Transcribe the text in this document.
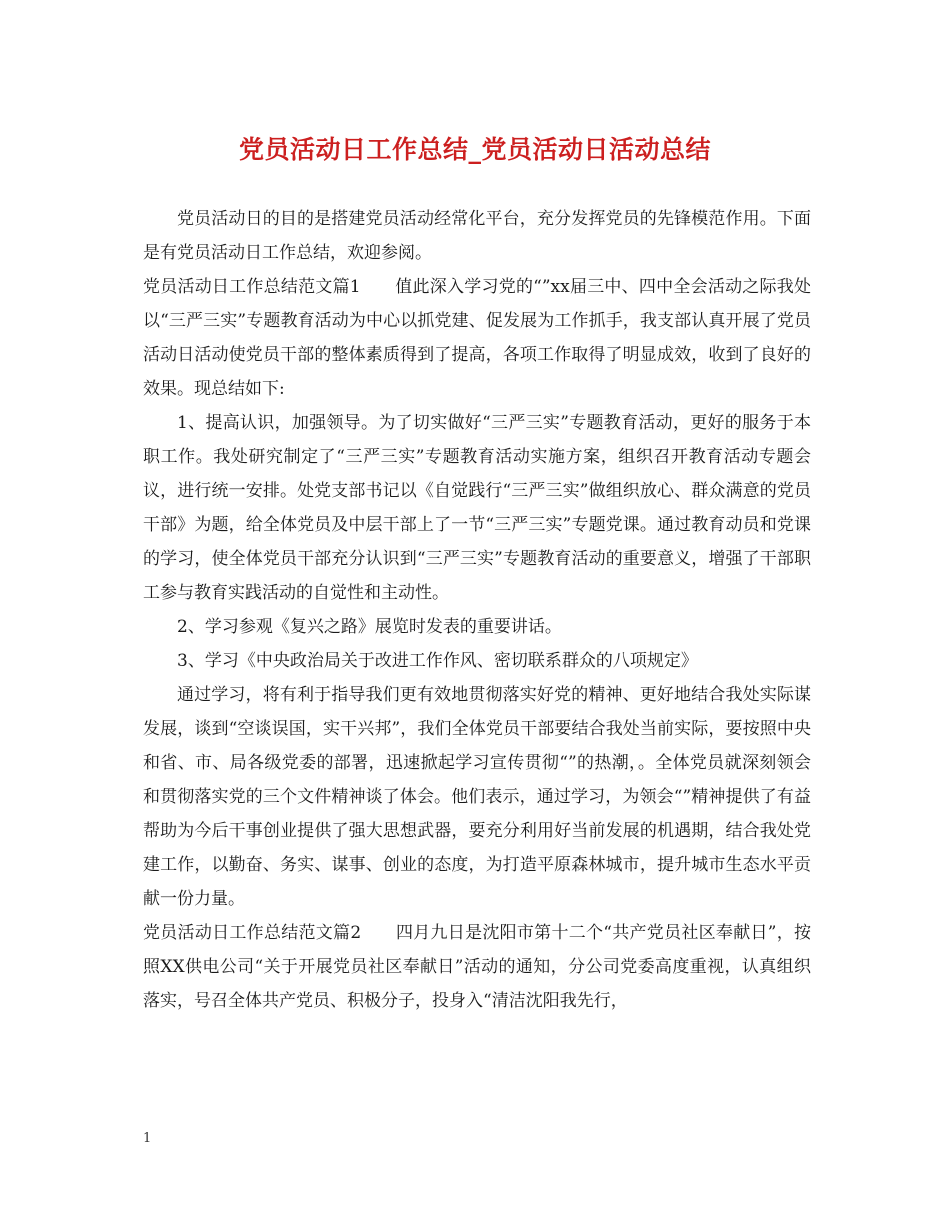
党员活动日工作总结_党员活动日活动总结

党员活动日的目的是搭建党员活动经常化平台，充分发挥党员的先锋模范作用。下面是有党员活动日工作总结，欢迎参阅。

党员活动日工作总结范文篇1　　值此深入学习党的“”xx届三中、四中全会活动之际我处以“三严三实”专题教育活动为中心以抓党建、促发展为工作抓手，我支部认真开展了党员活动日活动使党员干部的整体素质得到了提高，各项工作取得了明显成效，收到了良好的效果。现总结如下:

1、提高认识，加强领导。为了切实做好“三严三实”专题教育活动，更好的服务于本职工作。我处研究制定了“三严三实”专题教育活动实施方案，组织召开教育活动专题会议，进行统一安排。处党支部书记以《自觉践行“三严三实”做组织放心、群众满意的党员干部》为题，给全体党员及中层干部上了一节“三严三实”专题党课。通过教育动员和党课的学习，使全体党员干部充分认识到“三严三实”专题教育活动的重要意义，增强了干部职工参与教育实践活动的自觉性和主动性。

2、学习参观《复兴之路》展览时发表的重要讲话。

3、学习《中央政治局关于改进工作作风、密切联系群众的八项规定》

通过学习，将有利于指导我们更有效地贯彻落实好党的精神、更好地结合我处实际谋发展，谈到“空谈误国，实干兴邦”，我们全体党员干部要结合我处当前实际，要按照中央和省、市、局各级党委的部署，迅速掀起学习宣传贯彻“”的热潮，。全体党员就深刻领会和贯彻落实党的三个文件精神谈了体会。他们表示，通过学习，为领会“”精神提供了有益帮助为今后干事创业提供了强大思想武器，要充分利用好当前发展的机遇期，结合我处党建工作，以勤奋、务实、谋事、创业的态度，为打造平原森林城市，提升城市生态水平贡献一份力量。

党员活动日工作总结范文篇2　　四月九日是沈阳市第十二个“共产党员社区奉献日”，按照XX供电公司“关于开展党员社区奉献日”活动的通知，分公司党委高度重视，认真组织落实，号召全体共产党员、积极分子，投身入“清洁沈阳我先行，

1
